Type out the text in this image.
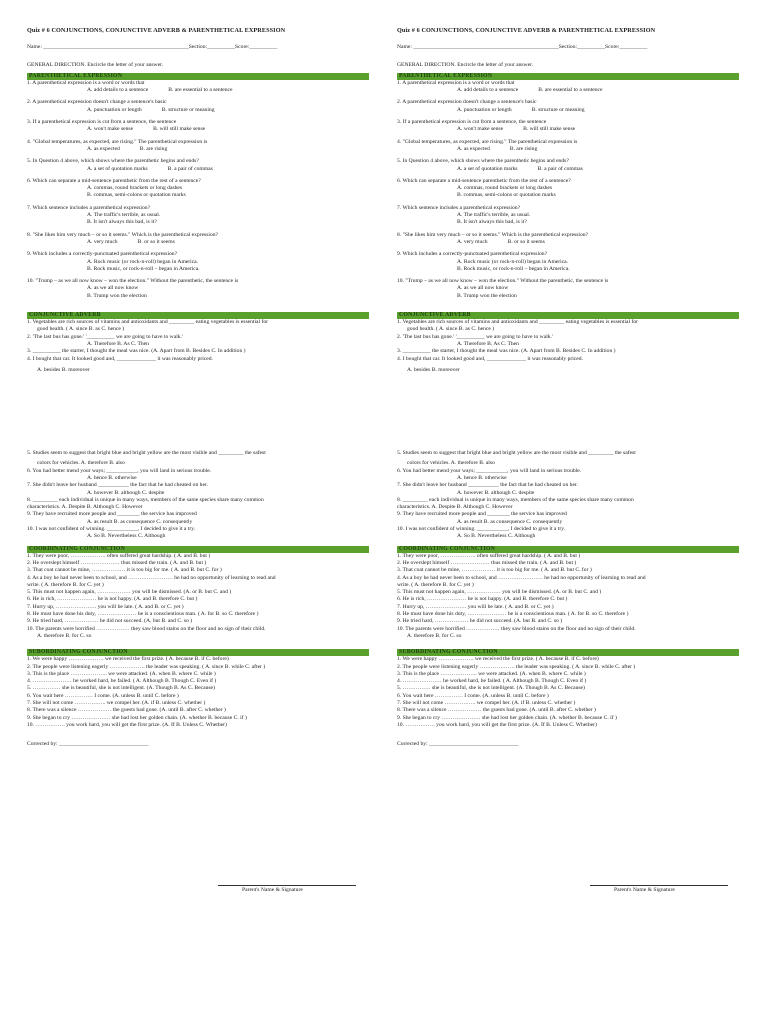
Quiz # 6 CONJUNCTIONS, CONJUNCTIVE ADVERB & PARENTHETICAL EXPRESSION
Name: ____________________________________________________Section:__________Score:__________
GENERAL DIRECTION. Encircle the letter of your answer.
PARENTHETICAL EXPRESSION
1. A parenthetical expression is a word or words that
A. add details to a sentence	B. are essential to a sentence
2. A parenthetical expression doesn't change a sentence's basic
A. punctuation or length	B. structure or meaning
3. If a parenthetical expression is cut from a sentence, the sentence
A. won't make sense	B. will still make sense
4. "Global temperatures, as expected, are rising." The parenthetical expression is
A. as expected	B. are rising
5. In Question 4 above, which shows where the parenthetic begins and ends?
A. a set of quotation marks	B. a pair of commas
6. Which can separate a mid-sentence parenthetic from the rest of a sentence?
A. commas, round brackets or long dashes
B. commas, semi-colons or quotation marks
7. Which sentence includes a parenthetical expression?
A. The traffic's terrible, as usual.
B. It isn't always this bad, is it?
8. "She likes him very much – or so it seems." Which is the parenthetical expression?
A. very much	B. or so it seems
9. Which includes a correctly-punctuated parenthetical expression?
A. Rock music (or rock-n-roll) began in America.
B. Rock music, or rock-n-roll – began in America.
10. "Trump – as we all now know – won the election." Without the parenthetic, the sentence is
A. as we all now know
B. Trump won the election
CONJUNCTIVE ADVERB
1. Vegetables are rich sources of vitamins and antioxidants and _________ eating vegetables is essential for
good health. ( A. since B. as C. hence )
2. 'The last bus has gone.' '__________ we are going to have to walk.'
A. Therefore B. As C. Then
3. __________ the starter, I thought the meal was nice. (A. Apart from B. Besides C. In addition )
4. I bought that car. It looked good and, ______________ it was reasonably priced.
A. besides B. moreover
5. Studies seem to suggest that bright blue and bright yellow are the most visible and _________ the safest
colors for vehicles. A. therefore B. also
6. You had better mend your ways; ___________, you will land in serious trouble.
A. hence B. otherwise
7. She didn't leave her husband ___________ the fact that he had cheated on her.
A. however B. although C. despite
8. _________ each individual is unique in many ways, members of the same species share many common
characteristics. A. Despite B. Although C. However
9. They have recruited more people and ________ the service has improved
A. as result B. as consequence C. consequently
10. I was not confident of winning. ___________, I decided to give it a try.
A. So B. Nevertheless C. Although
COORDINATING CONJUNCTION
1. They were poor, ………………. often suffered great hardship. ( A. and B. but )
2. He overslept himself ………………… thus missed the train. ( A. and B. but )
3. That coat cannot be mine, ……………… it is too big for me. ( A. and B. but C. for )
4. As a boy he had never been to school, and …………………… he had no opportunity of learning to read and
write. ( A. therefore B. for C. yet )
5. This must not happen again, ……………… you will be dismissed. (A. or B. but C. and )
6. He is rich, ………………… he is not happy. (A. and B. therefore C. but )
7. Hurry up, …………………. you will be late. ( A. and B. or C. yet )
8. He must have done his duty, ………………… he is a conscientious man. ( A. for B. so C. therefore )
9. He tried hard, ……………… he did not succeed. (A. but B. and C. so )
10. The parents were horrified ……………… they saw blood stains on the floor and no sign of their child.
A. therefore B. for C. so
SUBORDINATING CONJUNCTION
1. We were happy ………………. we received the first prize. ( A. because B. if C. before)
2. The people were listening eagerly ………………. the leader was speaking. ( A. since B. while C. after )
3. This is the place ……………….. we were attacked. (A. when B. where C. while )
4. ………………… he worked hard, he failed. ( A. Although B. Though C. Even if )
5. …………… she is beautiful, she is not intelligent. (A. Though B. As C. Because)
6. You wait here …………… I come. (A. unless B. until C. before )
7. She will not come …………….. we compel her. (A. if B. unless C. whether )
8. There was a silence ……………… the guests had gone. (A. until B. after C. whether )
9. She began to cry ………………… she had lost her golden chain. (A. whether B. because C. if )
10. ……………. you work hard, you will get the first prize. (A. If B. Unless C. Whether)
Corrected by: ________________________________
Quiz # 6 CONJUNCTIONS, CONJUNCTIVE ADVERB & PARENTHETICAL EXPRESSION
Name: ____________________________________________________Section:__________Score:__________
GENERAL DIRECTION. Encircle the letter of your answer.
PARENTHETICAL EXPRESSION
1. A parenthetical expression is a word or words that
A. add details to a sentence	B. are essential to a sentence
2. A parenthetical expression doesn't change a sentence's basic
A. punctuation or length	B. structure or meaning
3. If a parenthetical expression is cut from a sentence, the sentence
A. won't make sense	B. will still make sense
4. "Global temperatures, as expected, are rising." The parenthetical expression is
A. as expected	B. are rising
5. In Question 4 above, which shows where the parenthetic begins and ends?
A. a set of quotation marks	B. a pair of commas
6. Which can separate a mid-sentence parenthetic from the rest of a sentence?
A. commas, round brackets or long dashes
B. commas, semi-colons or quotation marks
7. Which sentence includes a parenthetical expression?
A. The traffic's terrible, as usual.
B. It isn't always this bad, is it?
8. "She likes him very much – or so it seems." Which is the parenthetical expression?
A. very much	B. or so it seems
9. Which includes a correctly-punctuated parenthetical expression?
A. Rock music (or rock-n-roll) began in America.
B. Rock music, or rock-n-roll – began in America.
10. "Trump – as we all now know – won the election." Without the parenthetic, the sentence is
A. as we all now know
B. Trump won the election
CONJUNCTIVE ADVERB
1. Vegetables are rich sources of vitamins and antioxidants and _________ eating vegetables is essential for
good health. ( A. since B. as C. hence )
2. 'The last bus has gone.' '__________ we are going to have to walk.'
A. Therefore B. As C. Then
3. __________ the starter, I thought the meal was nice. (A. Apart from B. Besides C. In addition )
4. I bought that car. It looked good and, ______________ it was reasonably priced.
A. besides B. moreover
5. Studies seem to suggest that bright blue and bright yellow are the most visible and _________ the safest
colors for vehicles. A. therefore B. also
6. You had better mend your ways; ___________, you will land in serious trouble.
A. hence B. otherwise
7. She didn't leave her husband ___________ the fact that he had cheated on her.
A. however B. although C. despite
8. _________ each individual is unique in many ways, members of the same species share many common
characteristics. A. Despite B. Although C. However
9. They have recruited more people and ________ the service has improved
A. as result B. as consequence C. consequently
10. I was not confident of winning. ___________, I decided to give it a try.
A. So B. Nevertheless C. Although
COORDINATING CONJUNCTION
1. They were poor, ………………. often suffered great hardship. ( A. and B. but )
2. He overslept himself ………………… thus missed the train. ( A. and B. but )
3. That coat cannot be mine, ……………… it is too big for me. ( A. and B. but C. for )
4. As a boy he had never been to school, and …………………… he had no opportunity of learning to read and
write. ( A. therefore B. for C. yet )
5. This must not happen again, ……………… you will be dismissed. (A. or B. but C. and )
6. He is rich, ………………… he is not happy. (A. and B. therefore C. but )
7. Hurry up, …………………. you will be late. ( A. and B. or C. yet )
8. He must have done his duty, ………………… he is a conscientious man. ( A. for B. so C. therefore )
9. He tried hard, ……………… he did not succeed. (A. but B. and C. so )
10. The parents were horrified ……………… they saw blood stains on the floor and no sign of their child.
A. therefore B. for C. so
SUBORDINATING CONJUNCTION
1. We were happy ………………. we received the first prize. ( A. because B. if C. before)
2. The people were listening eagerly ………………. the leader was speaking. ( A. since B. while C. after )
3. This is the place ……………….. we were attacked. (A. when B. where C. while )
4. ………………… he worked hard, he failed. ( A. Although B. Though C. Even if )
5. …………… she is beautiful, she is not intelligent. (A. Though B. As C. Because)
6. You wait here …………… I come. (A. unless B. until C. before )
7. She will not come …………….. we compel her. (A. if B. unless C. whether )
8. There was a silence ……………… the guests had gone. (A. until B. after C. whether )
9. She began to cry ………………… she had lost her golden chain. (A. whether B. because C. if )
10. ……………. you work hard, you will get the first prize. (A. If B. Unless C. Whether)
Corrected by: ________________________________
Parent's Name & Signature	Parent's Name & Signature
